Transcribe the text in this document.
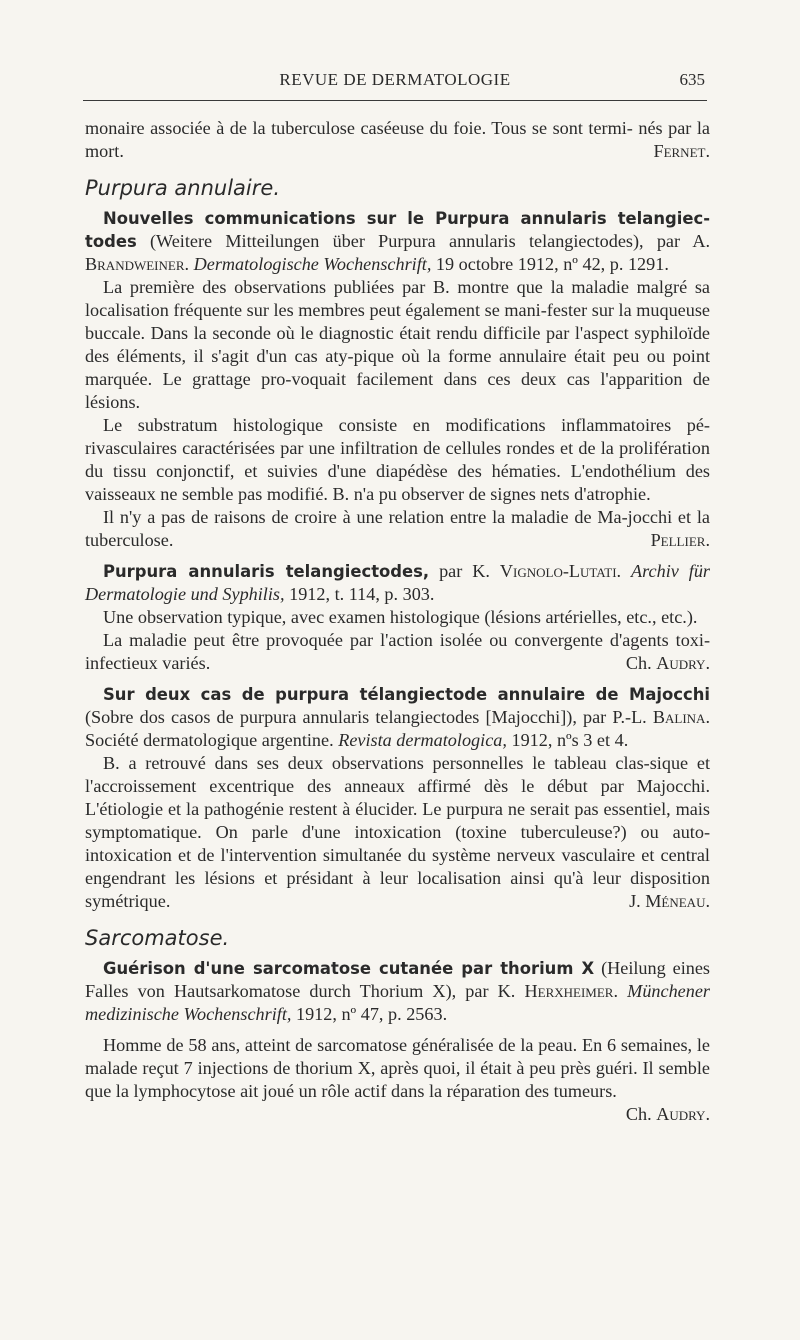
REVUE DE DERMATOLOGIE	635

monaire associée à de la tuberculose caséeuse du foie. Tous se sont termi- nés par la mort.	Fernet.

Purpura annulaire.

Nouvelles communications sur le Purpura annularis telangiec-todes (Weitere Mitteilungen über Purpura annularis telangiectodes), par A. Brandweiner. Dermatologische Wochenschrift, 19 octobre 1912, nº 42, p. 1291.

La première des observations publiées par B. montre que la maladie malgré sa localisation fréquente sur les membres peut également se mani-fester sur la muqueuse buccale. Dans la seconde où le diagnostic était rendu difficile par l'aspect syphiloïde des éléments, il s'agit d'un cas aty-pique où la forme annulaire était peu ou point marquée. Le grattage pro-voquait facilement dans ces deux cas l'apparition de lésions.

Le substratum histologique consiste en modifications inflammatoires pé-rivasculaires caractérisées par une infiltration de cellules rondes et de la prolifération du tissu conjonctif, et suivies d'une diapédèse des hématies. L'endothélium des vaisseaux ne semble pas modifié. B. n'a pu observer de signes nets d'atrophie.

Il n'y a pas de raisons de croire à une relation entre la maladie de Ma-jocchi et la tuberculose.	Pellier.

Purpura annularis telangiectodes, par K. Vignolo-Lutati. Archiv für Dermatologie und Syphilis, 1912, t. 114, p. 303.

Une observation typique, avec examen histologique (lésions artérielles, etc., etc.).

La maladie peut être provoquée par l'action isolée ou convergente d'agents toxi-infectieux variés.	Ch. Audry.

Sur deux cas de purpura télangiectode annulaire de Majocchi (Sobre dos casos de purpura annularis telangiectodes [Majocchi]), par P.-L. Balina. Société dermatologique argentine. Revista dermatologica, 1912, nºs 3 et 4.

B. a retrouvé dans ses deux observations personnelles le tableau clas-sique et l'accroissement excentrique des anneaux affirmé dès le début par Majocchi. L'étiologie et la pathogénie restent à élucider. Le purpura ne serait pas essentiel, mais symptomatique. On parle d'une intoxication (toxine tuberculeuse?) ou auto-intoxication et de l'intervention simultanée du système nerveux vasculaire et central engendrant les lésions et présidant à leur localisation ainsi qu'à leur disposition symétrique.	J. Méneau.

Sarcomatose.

Guérison d'une sarcomatose cutanée par thorium X (Heilung eines Falles von Hautsarkomatose durch Thorium X), par K. Herxheimer. Münchener medizinische Wochenschrift, 1912, nº 47, p. 2563.

Homme de 58 ans, atteint de sarcomatose généralisée de la peau. En 6 semaines, le malade reçut 7 injections de thorium X, après quoi, il était à peu près guéri. Il semble que la lymphocytose ait joué un rôle actif dans la réparation des tumeurs.
Ch. Audry.
